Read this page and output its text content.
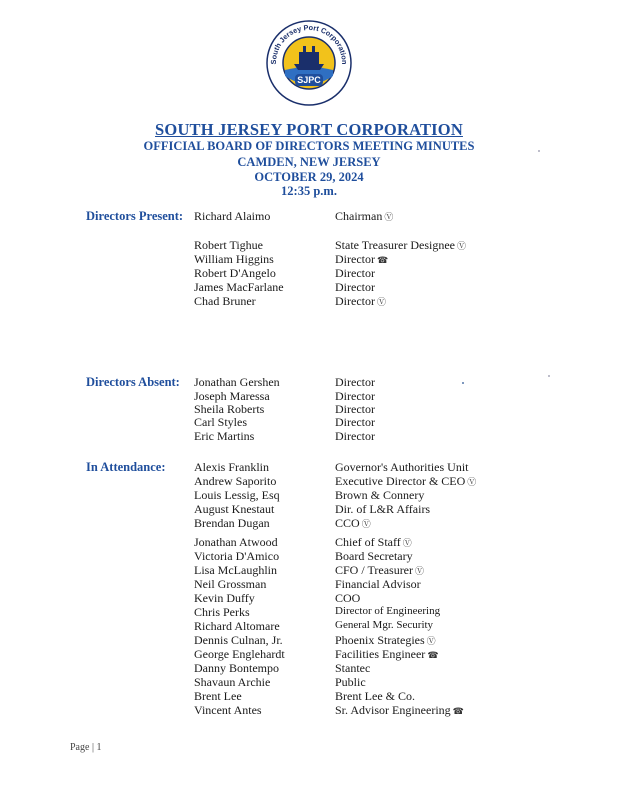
SJPC
South Jersey Port Corporation
SOUTH JERSEY PORT CORPORATION
OFFICIAL BOARD OF DIRECTORS MEETING MINUTES
CAMDEN, NEW JERSEY
OCTOBER 29, 2024
12:35 p.m.
Directors Present: Richard Alaimo	Chairman Ⓥ
Robert Tighue	State Treasurer Designee Ⓥ
William Higgins	Director ☎
Robert D'Angelo	Director
James MacFarlane	Director
Chad Bruner	Director Ⓥ
Directors Absent: Jonathan Gershen	Director
Joseph Maressa	Director
Sheila Roberts	Director
Carl Styles	Director
Eric Martins	Director
In Attendance: Alexis Franklin	Governor's Authorities Unit
Andrew Saporito	Executive Director & CEO Ⓥ
Louis Lessig, Esq	Brown & Connery
August Knestaut	Dir. of L&R Affairs
Brendan Dugan	CCO Ⓥ
Jonathan Atwood	Chief of Staff Ⓥ
Victoria D'Amico	Board Secretary
Lisa McLaughlin	CFO / Treasurer Ⓥ
Neil Grossman	Financial Advisor
Kevin Duffy	COO
Chris Perks	Director of Engineering
Richard Altomare	General Mgr. Security
Dennis Culnan, Jr.	Phoenix Strategies Ⓥ
George Englehardt	Facilities Engineer ☎
Danny Bontempo	Stantec
Shavaun Archie	Public
Brent Lee	Brent Lee & Co.
Vincent Antes	Sr. Advisor Engineering ☎
Page | 1
